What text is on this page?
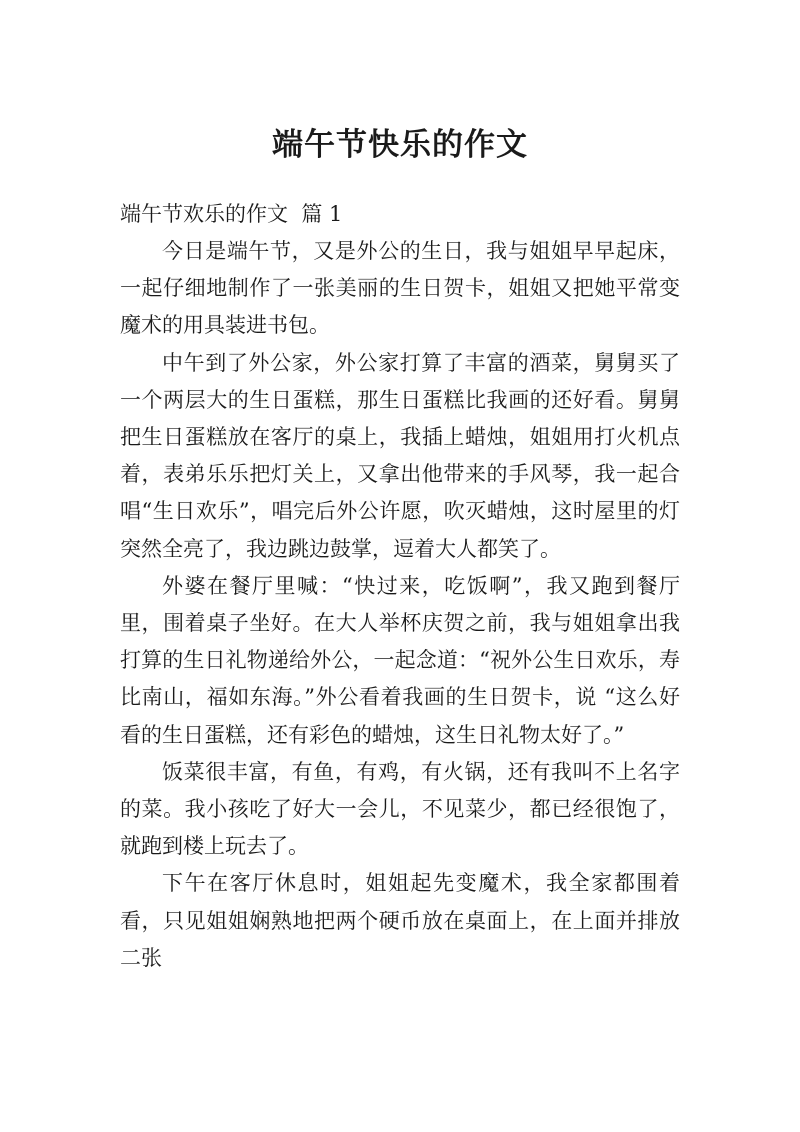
端午节快乐的作文
端午节欢乐的作文  篇 1

今日是端午节，又是外公的生日，我与姐姐早早起床，一起仔细地制作了一张美丽的生日贺卡，姐姐又把她平常变魔术的用具装进书包。

中午到了外公家，外公家打算了丰富的酒菜，舅舅买了一个两层大的生日蛋糕，那生日蛋糕比我画的还好看。舅舅把生日蛋糕放在客厅的桌上，我插上蜡烛，姐姐用打火机点着，表弟乐乐把灯关上，又拿出他带来的手风琴，我一起合唱“生日欢乐”，唱完后外公许愿，吹灭蜡烛，这时屋里的灯突然全亮了，我边跳边鼓掌，逗着大人都笑了。

外婆在餐厅里喊：“快过来，吃饭啊”，我又跑到餐厅里，围着桌子坐好。在大人举杯庆贺之前，我与姐姐拿出我打算的生日礼物递给外公，一起念道：“祝外公生日欢乐，寿比南山，福如东海。”外公看着我画的生日贺卡，说 “这么好看的生日蛋糕，还有彩色的蜡烛，这生日礼物太好了。”

饭菜很丰富，有鱼，有鸡，有火锅，还有我叫不上名字的菜。我小孩吃了好大一会儿，不见菜少，都已经很饱了，就跑到楼上玩去了。

下午在客厅休息时，姐姐起先变魔术，我全家都围着看，只见姐姐娴熟地把两个硬币放在桌面上，在上面并排放二张
